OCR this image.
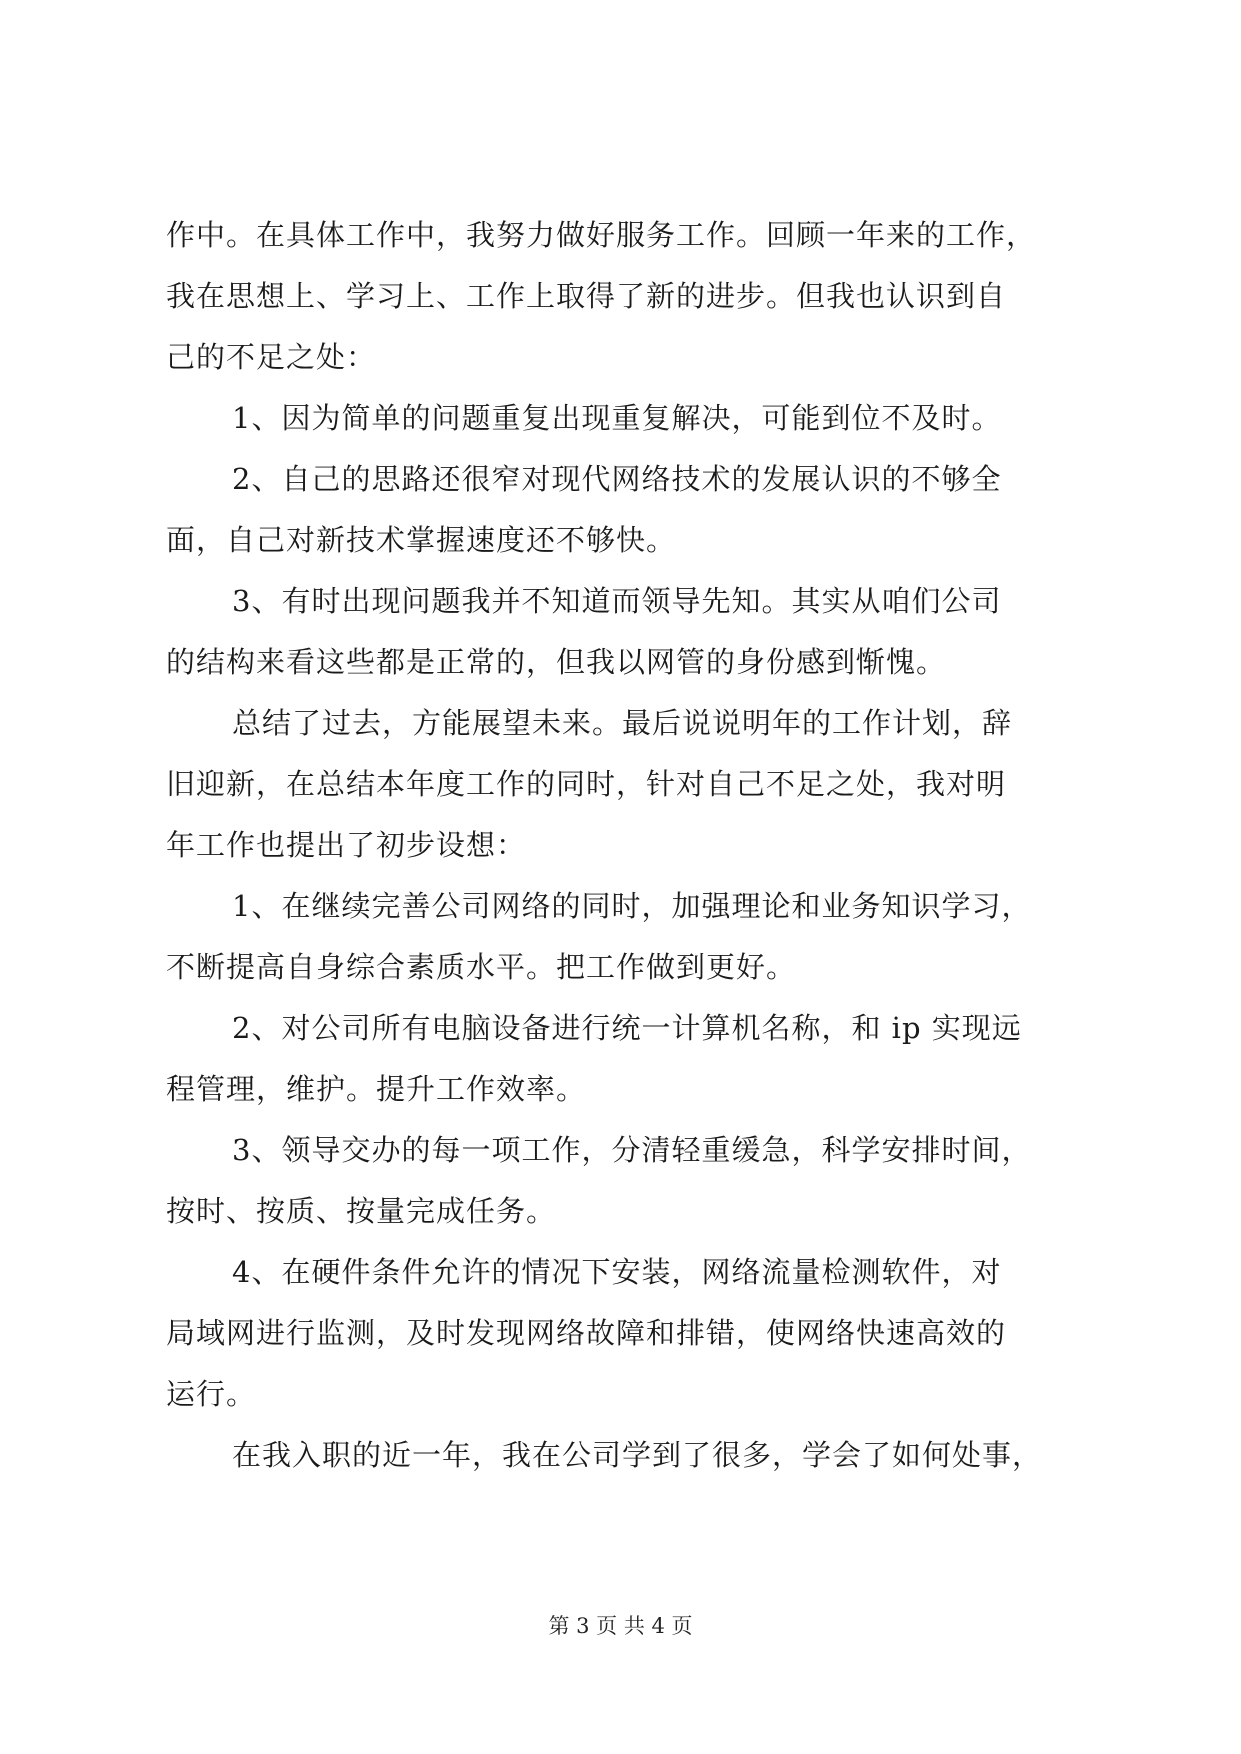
作中。在具体工作中，我努力做好服务工作。回顾一年来的工作，
我在思想上、学习上、工作上取得了新的进步。但我也认识到自
己的不足之处：
1、因为简单的问题重复出现重复解决，可能到位不及时。
2、自己的思路还很窄对现代网络技术的发展认识的不够全
面，自己对新技术掌握速度还不够快。
3、有时出现问题我并不知道而领导先知。其实从咱们公司
的结构来看这些都是正常的，但我以网管的身份感到惭愧。
总结了过去，方能展望未来。最后说说明年的工作计划，辞
旧迎新，在总结本年度工作的同时，针对自己不足之处，我对明
年工作也提出了初步设想：
1、在继续完善公司网络的同时，加强理论和业务知识学习，
不断提高自身综合素质水平。把工作做到更好。
2、对公司所有电脑设备进行统一计算机名称，和 ip 实现远
程管理，维护。提升工作效率。
3、领导交办的每一项工作，分清轻重缓急，科学安排时间，
按时、按质、按量完成任务。
4、在硬件条件允许的情况下安装，网络流量检测软件，对
局域网进行监测，及时发现网络故障和排错，使网络快速高效的
运行。
在我入职的近一年，我在公司学到了很多，学会了如何处事，
第 3 页 共 4 页
